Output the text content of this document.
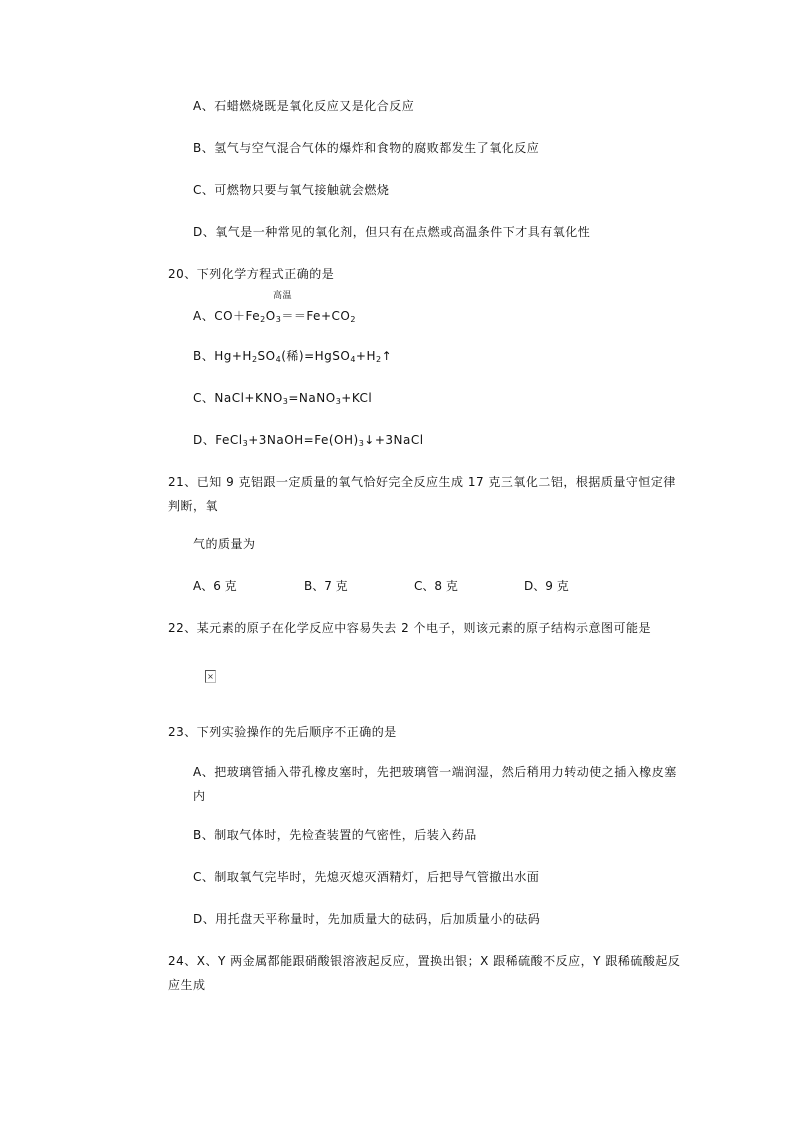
A、石蜡燃烧既是氧化反应又是化合反应
B、氢气与空气混合气体的爆炸和食物的腐败都发生了氧化反应
C、可燃物只要与氧气接触就会燃烧
D、氧气是一种常见的氧化剂，但只有在点燃或高温条件下才具有氧化性
20、下列化学方程式正确的是
高温
A、$CO+Fe_2O_3==Fe+CO_2$
B、$Hg+H_2SO_4$(稀)$=HgSO_4+H_2↑$
C、$NaCl+KNO_3=NaNO_3+KCl$
D、$FeCl_3+3NaOH=Fe(OH)_3↓+3NaCl$
21、已知 9 克铝跟一定质量的氧气恰好完全反应生成 17 克三氧化二铝，根据质量守恒定律判断，氧
气的质量为
A、6 克	B、7 克	C、8 克	D、9 克
22、某元素的原子在化学反应中容易失去 2 个电子，则该元素的原子结构示意图可能是
×
23、下列实验操作的先后顺序不正确的是
A、把玻璃管插入带孔橡皮塞时，先把玻璃管一端润湿，然后稍用力转动使之插入橡皮塞内
B、制取气体时，先检查装置的气密性，后装入药品
C、制取氧气完毕时，先熄灭熄灭酒精灯，后把导气管撤出水面
D、用托盘天平称量时，先加质量大的砝码，后加质量小的砝码
24、X、Y 两金属都能跟硝酸银溶液起反应，置换出银；X 跟稀硫酸不反应，Y 跟稀硫酸起反应生成
